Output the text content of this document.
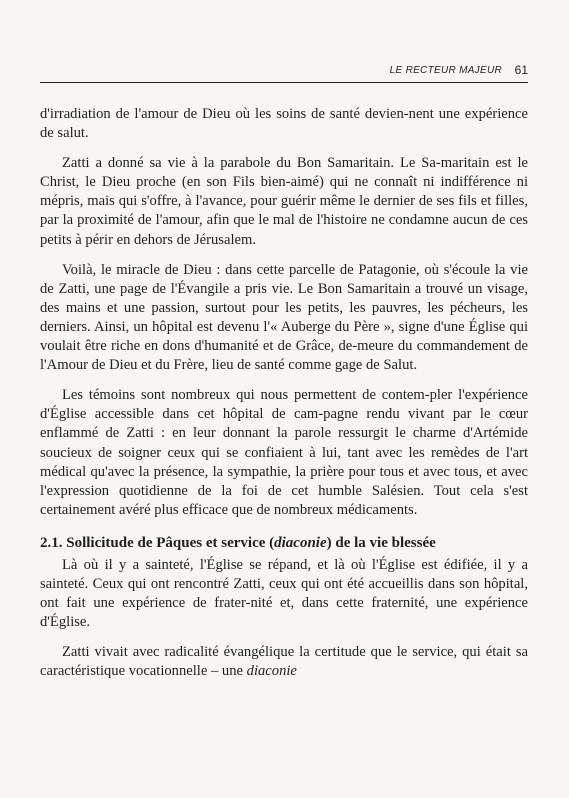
LE RECTEUR MAJEUR 61

d'irradiation de l'amour de Dieu où les soins de santé devien-nent une expérience de salut.

Zatti a donné sa vie à la parabole du Bon Samaritain. Le Sa-maritain est le Christ, le Dieu proche (en son Fils bien-aimé) qui ne connaît ni indifférence ni mépris, mais qui s'offre, à l'avance, pour guérir même le dernier de ses fils et filles, par la proximité de l'amour, afin que le mal de l'histoire ne condamne aucun de ces petits à périr en dehors de Jérusalem.

Voilà, le miracle de Dieu : dans cette parcelle de Patagonie, où s'écoule la vie de Zatti, une page de l'Évangile a pris vie. Le Bon Samaritain a trouvé un visage, des mains et une passion, surtout pour les petits, les pauvres, les pécheurs, les derniers. Ainsi, un hôpital est devenu l'« Auberge du Père », signe d'une Église qui voulait être riche en dons d'humanité et de Grâce, de-meure du commandement de l'Amour de Dieu et du Frère, lieu de santé comme gage de Salut.

Les témoins sont nombreux qui nous permettent de contem-pler l'expérience d'Église accessible dans cet hôpital de cam-pagne rendu vivant par le cœur enflammé de Zatti : en leur donnant la parole ressurgit le charme d'Artémide soucieux de soigner ceux qui se confiaient à lui, tant avec les remèdes de l'art médical qu'avec la présence, la sympathie, la prière pour tous et avec tous, et avec l'expression quotidienne de la foi de cet humble Salésien. Tout cela s'est certainement avéré plus efficace que de nombreux médicaments.

2.1. Sollicitude de Pâques et service (diaconie) de la vie blessée

Là où il y a sainteté, l'Église se répand, et là où l'Église est édifiée, il y a sainteté. Ceux qui ont rencontré Zatti, ceux qui ont été accueillis dans son hôpital, ont fait une expérience de frater-nité et, dans cette fraternité, une expérience d'Église.

Zatti vivait avec radicalité évangélique la certitude que le service, qui était sa caractéristique vocationnelle – une diaconie
